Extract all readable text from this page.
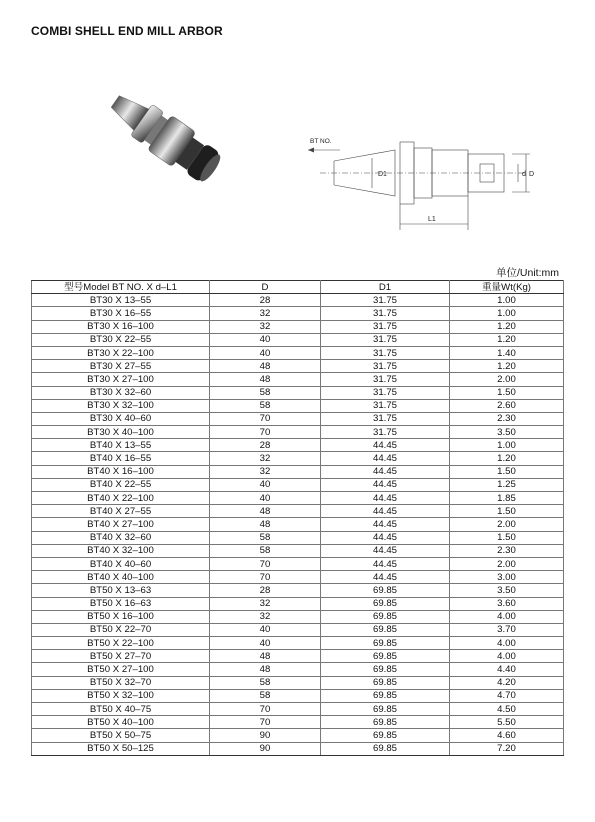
COMBI SHELL END MILL ARBOR
BT NO.
D1
L1
d D
单位/Unit:mm
型号Model BT NO. X d–L1	D	D1	重量Wt(Kg)
BT30 X 13–55	28	31.75	1.00
BT30 X 16–55	32	31.75	1.00
BT30 X 16–100	32	31.75	1.20
BT30 X 22–55	40	31.75	1.20
BT30 X 22–100	40	31.75	1.40
BT30 X 27–55	48	31.75	1.20
BT30 X 27–100	48	31.75	2.00
BT30 X 32–60	58	31.75	1.50
BT30 X 32–100	58	31.75	2.60
BT30 X 40–60	70	31.75	2.30
BT30 X 40–100	70	31.75	3.50
BT40 X 13–55	28	44.45	1.00
BT40 X 16–55	32	44.45	1.20
BT40 X 16–100	32	44.45	1.50
BT40 X 22–55	40	44.45	1.25
BT40 X 22–100	40	44.45	1.85
BT40 X 27–55	48	44.45	1.50
BT40 X 27–100	48	44.45	2.00
BT40 X 32–60	58	44.45	1.50
BT40 X 32–100	58	44.45	2.30
BT40 X 40–60	70	44.45	2.00
BT40 X 40–100	70	44.45	3.00
BT50 X 13–63	28	69.85	3.50
BT50 X 16–63	32	69.85	3.60
BT50 X 16–100	32	69.85	4.00
BT50 X 22–70	40	69.85	3.70
BT50 X 22–100	40	69.85	4.00
BT50 X 27–70	48	69.85	4.00
BT50 X 27–100	48	69.85	4.40
BT50 X 32–70	58	69.85	4.20
BT50 X 32–100	58	69.85	4.70
BT50 X 40–75	70	69.85	4.50
BT50 X 40–100	70	69.85	5.50
BT50 X 50–75	90	69.85	4.60
BT50 X 50–125	90	69.85	7.20
